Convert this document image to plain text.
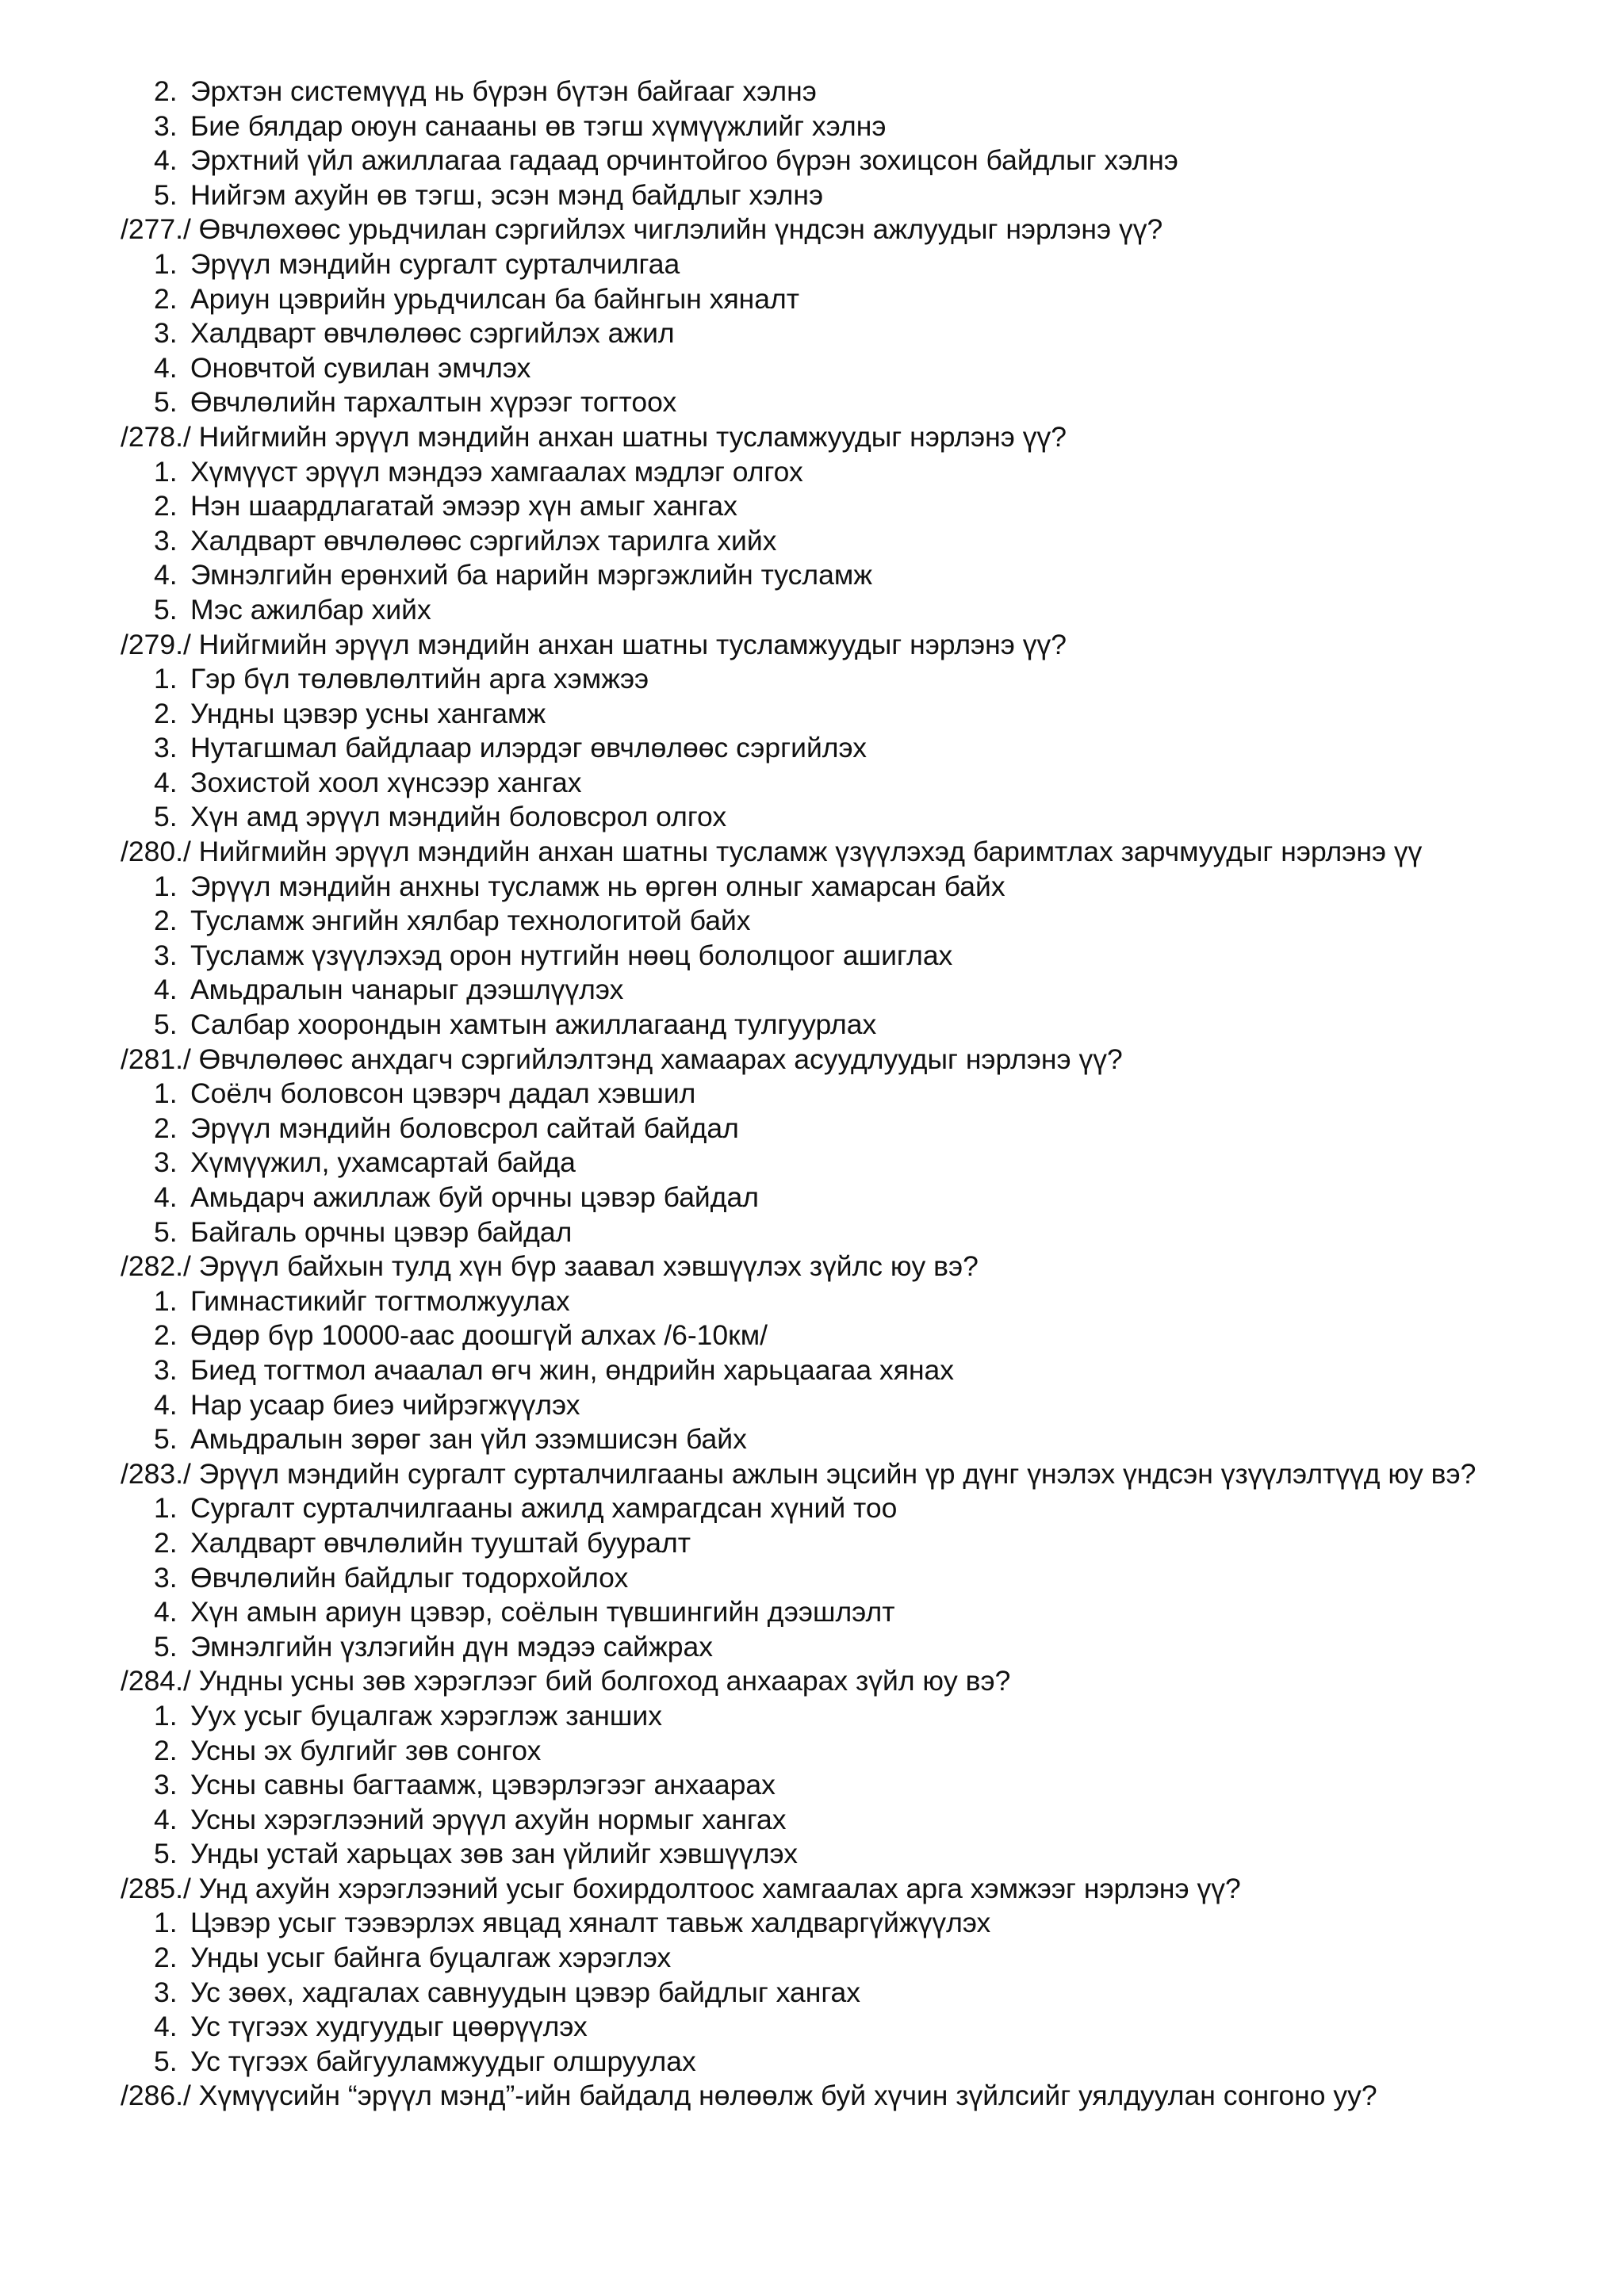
2. Эрхтэн системүүд нь бүрэн бүтэн байгааг хэлнэ
3. Бие бялдар оюун санааны өв тэгш хүмүүжлийг хэлнэ
4. Эрхтний үйл ажиллагаа гадаад орчинтойгоо бүрэн зохицсон байдлыг хэлнэ
5. Нийгэм ахуйн өв тэгш, эсэн мэнд байдлыг хэлнэ
/277./ Өвчлөхөөс урьдчилан сэргийлэх чиглэлийн үндсэн ажлуудыг нэрлэнэ үү?
1. Эрүүл мэндийн сургалт сурталчилгаа
2. Ариун цэврийн урьдчилсан ба байнгын хяналт
3. Халдварт өвчлөлөөс сэргийлэх ажил
4. Оновчтой сувилан эмчлэх
5. Өвчлөлийн тархалтын хүрээг тогтоох
/278./ Нийгмийн эрүүл мэндийн анхан шатны тусламжуудыг нэрлэнэ үү?
1. Хүмүүст эрүүл мэндээ хамгаалах мэдлэг олгох
2. Нэн шаардлагатай эмээр хүн амыг хангах
3. Халдварт өвчлөлөөс сэргийлэх тарилга хийх
4. Эмнэлгийн ерөнхий ба нарийн мэргэжлийн тусламж
5. Мэс ажилбар хийх
/279./ Нийгмийн эрүүл мэндийн анхан шатны тусламжуудыг нэрлэнэ үү?
1. Гэр бүл төлөвлөлтийн арга хэмжээ
2. Ундны цэвэр усны хангамж
3. Нутагшмал байдлаар илэрдэг өвчлөлөөс сэргийлэх
4. Зохистой хоол хүнсээр хангах
5. Хүн амд эрүүл мэндийн боловсрол олгох
/280./ Нийгмийн эрүүл мэндийн анхан шатны тусламж үзүүлэхэд баримтлах зарчмуудыг нэрлэнэ үү
1. Эрүүл мэндийн анхны тусламж нь өргөн олныг хамарсан байх
2. Тусламж энгийн хялбар технологитой байх
3. Тусламж үзүүлэхэд орон нутгийн нөөц бололцоог ашиглах
4. Амьдралын чанарыг дээшлүүлэх
5. Салбар хоорондын хамтын ажиллагаанд тулгуурлах
/281./ Өвчлөлөөс анхдагч сэргийлэлтэнд хамаарах асуудлуудыг нэрлэнэ үү?
1. Соёлч боловсон цэвэрч дадал хэвшил
2. Эрүүл мэндийн боловсрол сайтай байдал
3. Хүмүүжил, ухамсартай байда
4. Амьдарч ажиллаж буй орчны цэвэр байдал
5. Байгаль орчны цэвэр байдал
/282./ Эрүүл байхын тулд хүн бүр заавал хэвшүүлэх зүйлс юу вэ?
1. Гимнастикийг тогтмолжуулах
2. Өдөр бүр 10000-аас доошгүй алхах /6-10км/
3. Биед тогтмол ачаалал өгч жин, өндрийн харьцаагаа хянах
4. Нар усаар биеэ чийрэгжүүлэх
5. Амьдралын зөрөг зан үйл эзэмшисэн байх
/283./ Эрүүл мэндийн сургалт сурталчилгааны ажлын эцсийн үр дүнг үнэлэх үндсэн үзүүлэлтүүд юу вэ?
1. Сургалт сурталчилгааны ажилд хамрагдсан хүний тоо
2. Халдварт өвчлөлийн тууштай буурал​т
3. Өвчлөлийн байдлыг тодорхойлох
4. Хүн амын ариун цэвэр, соёлын түвшингийн дээшлэлт
5. Эмнэлгийн үзлэгийн дүн мэдээ сайжрах
/284./ Ундны усны зөв хэрэглээг бий болгоход анхаарах зүйл юу вэ?
1. Уух усыг буцалгаж хэрэглэж занших
2. Усны эх булгийг зөв сонгох
3. Усны савны багтаамж, цэвэрлэгээг анхаарах
4. Усны хэрэглээний эрүүл ахуйн нормыг хангах
5. Унды устай харьцах зөв зан үйлийг хэвшүүлэх
/285./ Унд ахуйн хэрэглээний усыг бохирдолтоос хамгаалах арга хэмжээг нэрлэнэ үү?
1. Цэвэр усыг тээвэрлэх явцад хяналт тавьж халдваргүйжүүлэх
2. Унды усыг байнга буцалгаж хэрэглэх
3. Ус зөөх, хадгалах савнуудын цэвэр байдлыг хангах
4. Ус түгээх худгуудыг цөөрүүлэх
5. Ус түгээх байгууламжуудыг олшруулах
/286./ Хүмүүсийн “эрүүл мэнд”-ийн байдалд нөлөөлж буй хүчин зүйлсийг уялдуулан сонгоно уу?
